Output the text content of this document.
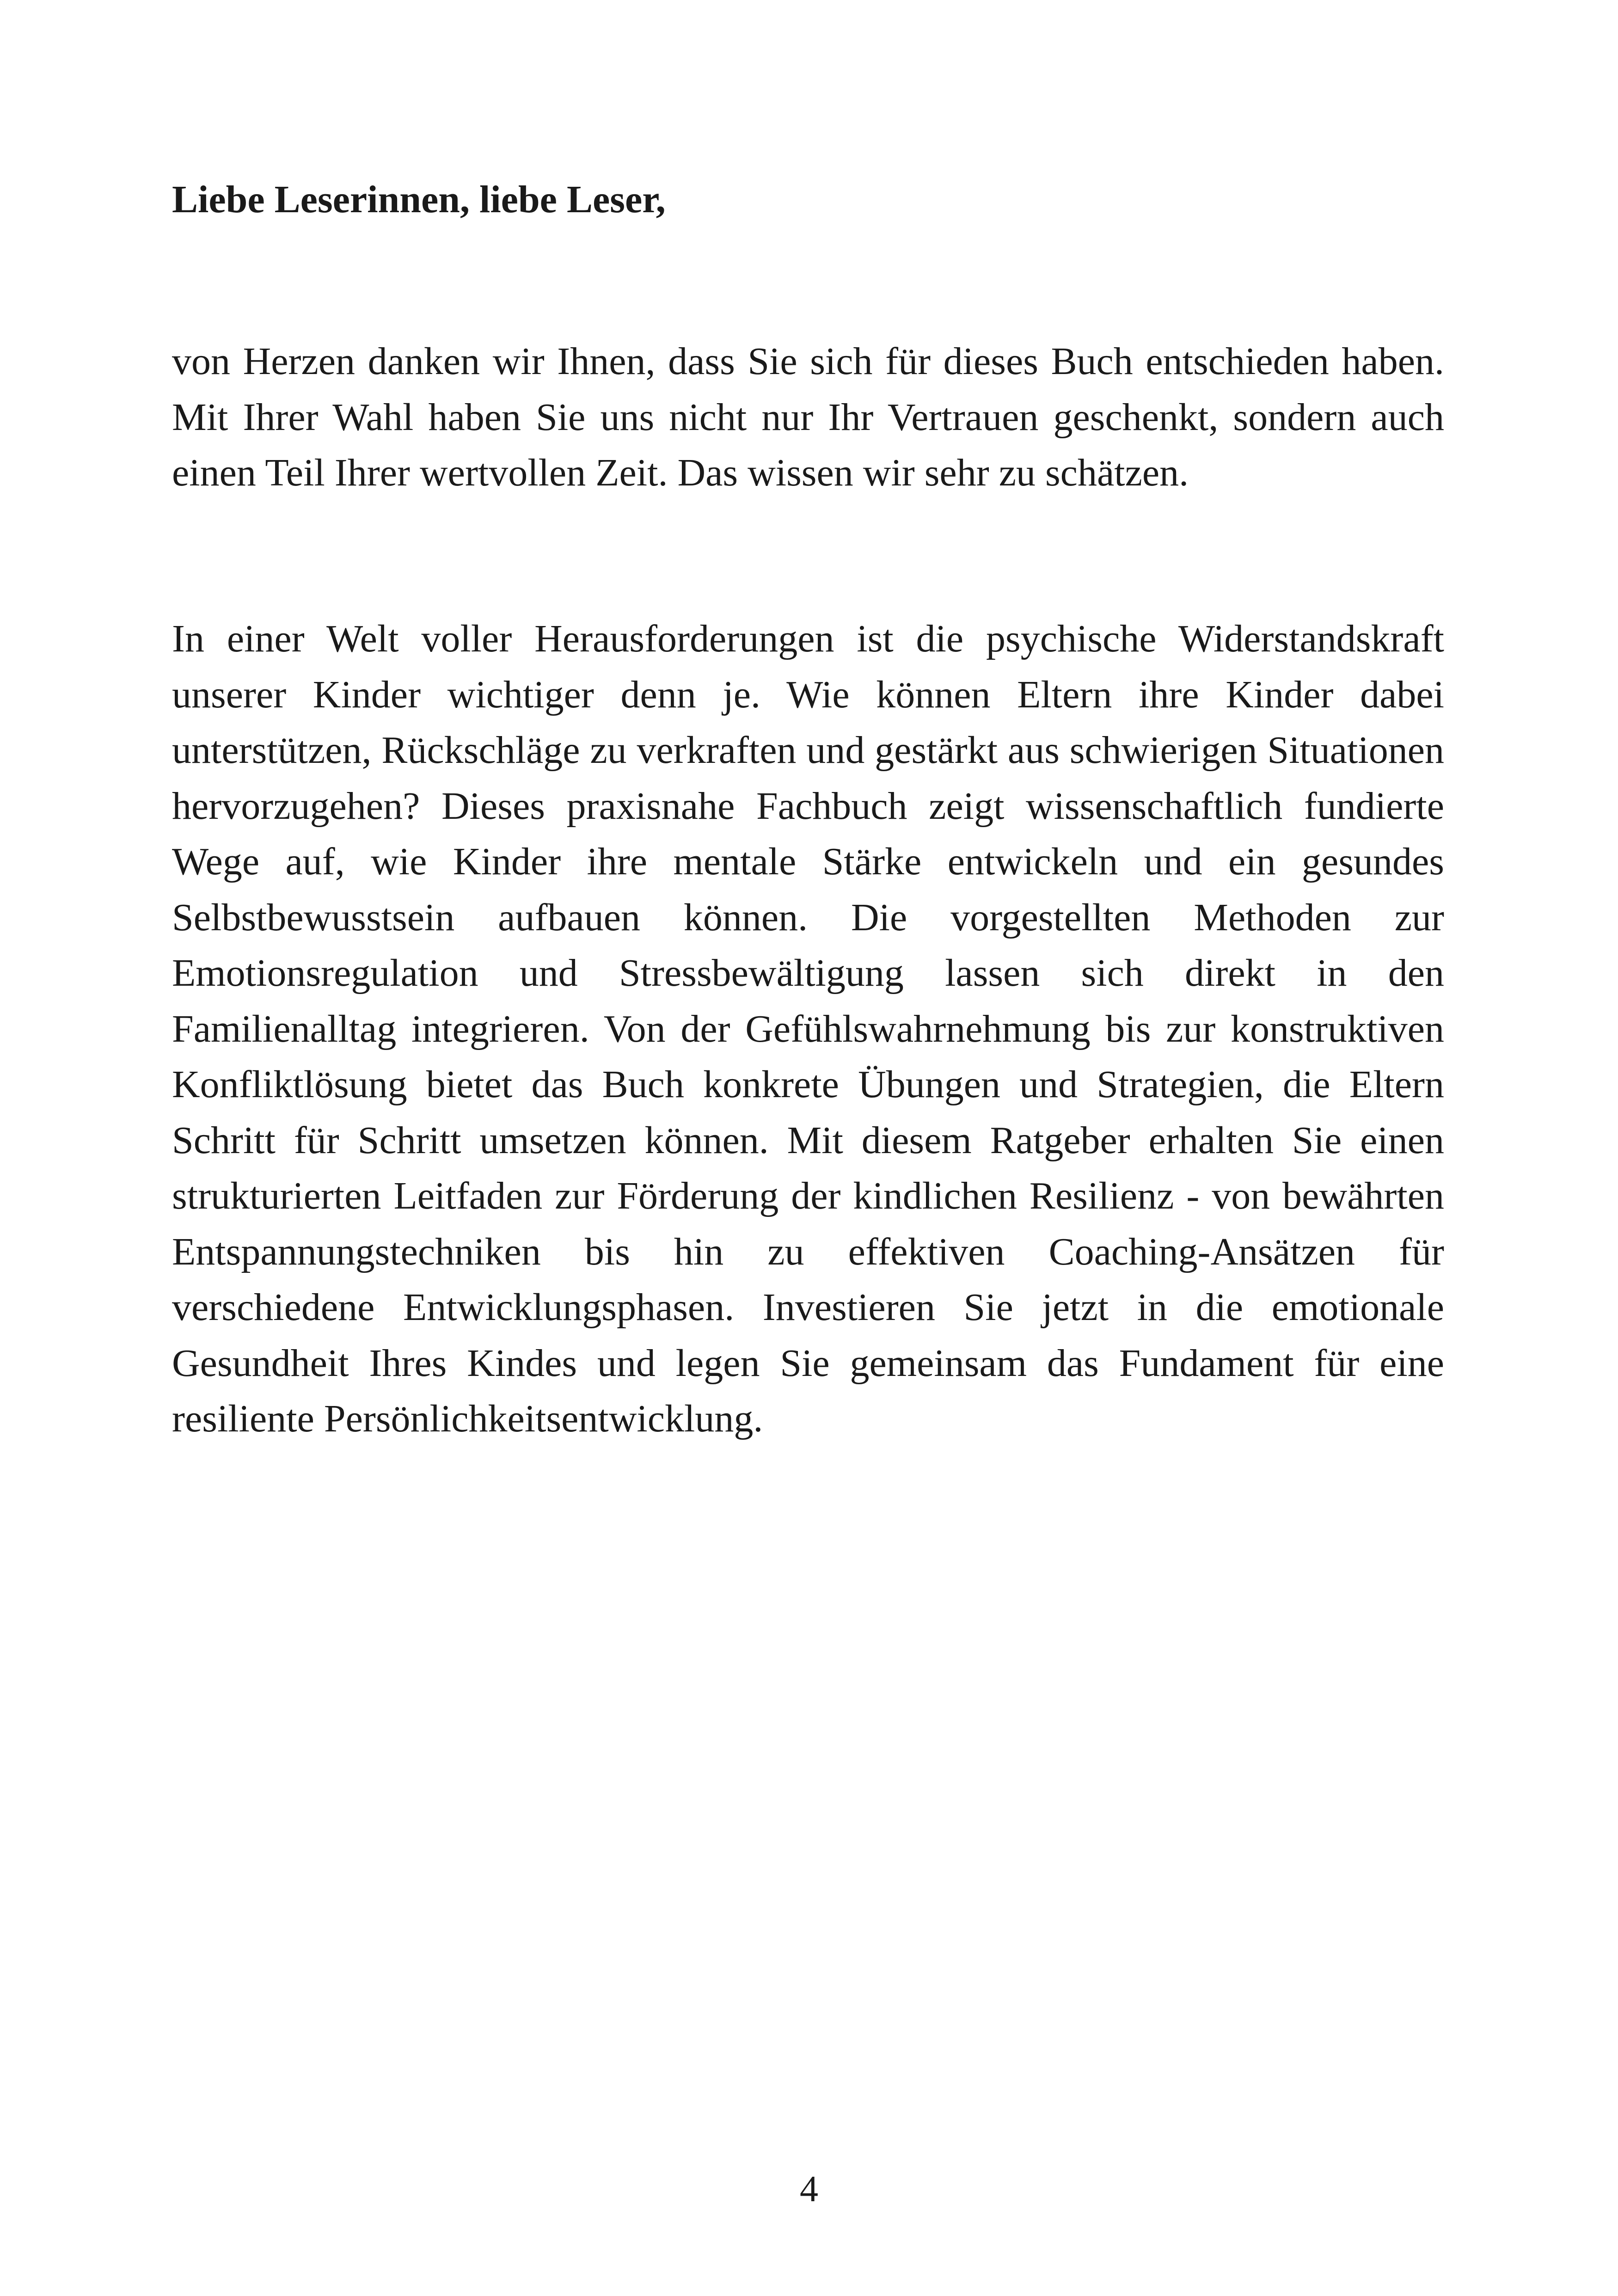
Liebe Leserinnen, liebe Leser,

von Herzen danken wir Ihnen, dass Sie sich für dieses Buch entschieden haben. Mit Ihrer Wahl haben Sie uns nicht nur Ihr Vertrauen geschenkt, sondern auch einen Teil Ihrer wertvollen Zeit. Das wissen wir sehr zu schätzen.

In einer Welt voller Herausforderungen ist die psychische Widerstandskraft unserer Kinder wichtiger denn je. Wie können Eltern ihre Kinder dabei unterstützen, Rückschläge zu verkraften und gestärkt aus schwierigen Situationen hervorzugehen? Dieses praxisnahe Fachbuch zeigt wissenschaftlich fundierte Wege auf, wie Kinder ihre mentale Stärke entwickeln und ein gesundes Selbstbewusstsein aufbauen können. Die vorgestellten Methoden zur Emotionsregulation und Stressbewältigung lassen sich direkt in den Familienalltag integrieren. Von der Gefühlswahrnehmung bis zur konstruktiven Konfliktlösung bietet das Buch konkrete Übungen und Strategien, die Eltern Schritt für Schritt umsetzen können. Mit diesem Ratgeber erhalten Sie einen strukturierten Leitfaden zur Förderung der kindlichen Resilienz - von bewährten Entspannungstechniken bis hin zu effektiven Coaching-Ansätzen für verschiedene Entwicklungsphasen. Investieren Sie jetzt in die emotionale Gesundheit Ihres Kindes und legen Sie gemeinsam das Fundament für eine resiliente Persönlichkeitsentwicklung.

4
